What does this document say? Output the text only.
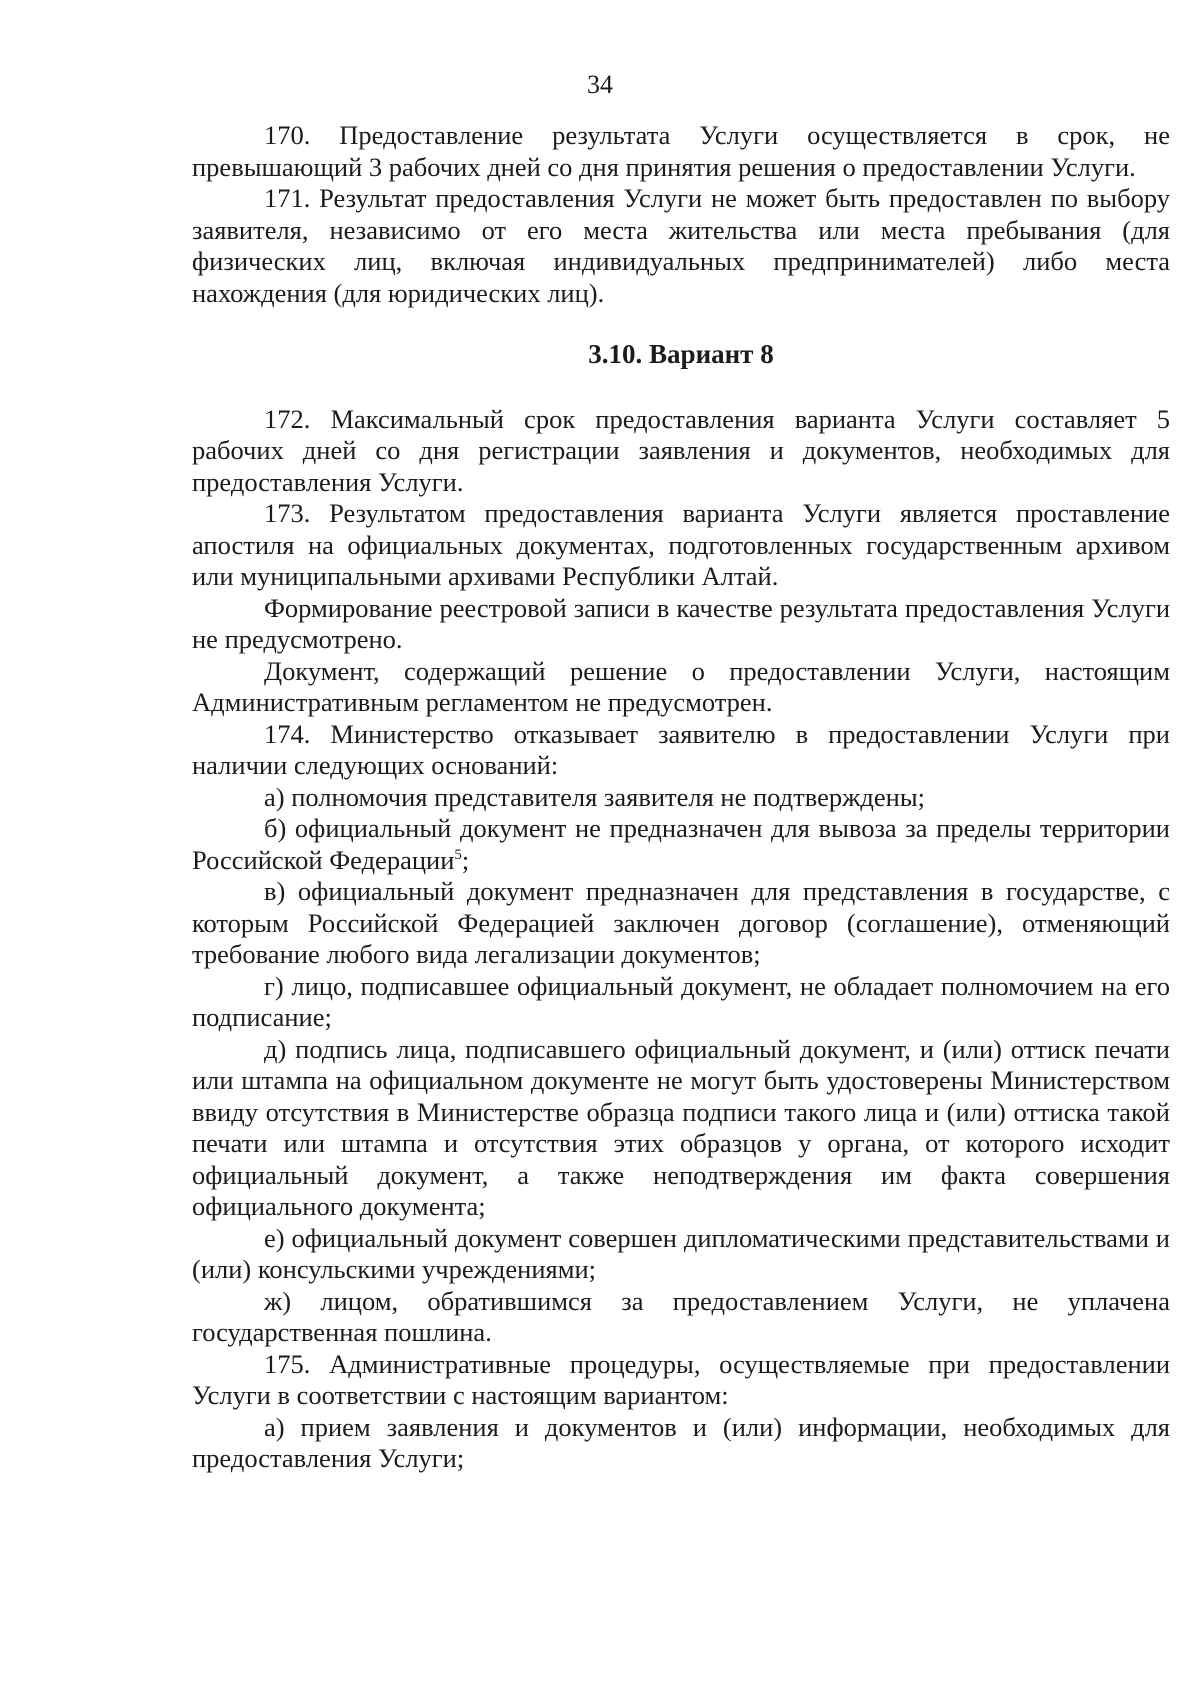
34

170. Предоставление результата Услуги осуществляется в срок, не превышающий 3 рабочих дней со дня принятия решения о предоставлении Услуги.

171. Результат предоставления Услуги не может быть предоставлен по выбору заявителя, независимо от его места жительства или места пребывания (для физических лиц, включая индивидуальных предпринимателей) либо места нахождения (для юридических лиц).

3.10. Вариант 8

172. Максимальный срок предоставления варианта Услуги составляет 5 рабочих дней со дня регистрации заявления и документов, необходимых для предоставления Услуги.

173. Результатом предоставления варианта Услуги является проставление апостиля на официальных документах, подготовленных государственным архивом или муниципальными архивами Республики Алтай.

Формирование реестровой записи в качестве результата предоставления Услуги не предусмотрено.

Документ, содержащий решение о предоставлении Услуги, настоящим Административным регламентом не предусмотрен.

174. Министерство отказывает заявителю в предоставлении Услуги при наличии следующих оснований:

а) полномочия представителя заявителя не подтверждены;

б) официальный документ не предназначен для вывоза за пределы территории Российской Федерации$^5$;

в) официальный документ предназначен для представления в государстве, с которым Российской Федерацией заключен договор (соглашение), отменяющий требование любого вида легализации документов;

г) лицо, подписавшее официальный документ, не обладает полномочием на его подписание;

д) подпись лица, подписавшего официальный документ, и (или) оттиск печати или штампа на официальном документе не могут быть удостоверены Министерством ввиду отсутствия в Министерстве образца подписи такого лица и (или) оттиска такой печати или штампа и отсутствия этих образцов у органа, от которого исходит официальный документ, а также неподтверждения им факта совершения официального документа;

е) официальный документ совершен дипломатическими представительствами и (или) консульскими учреждениями;

ж) лицом, обратившимся за предоставлением Услуги, не уплачена государственная пошлина.

175. Административные процедуры, осуществляемые при предоставлении Услуги в соответствии с настоящим вариантом:

а) прием заявления и документов и (или) информации, необходимых для предоставления Услуги;
